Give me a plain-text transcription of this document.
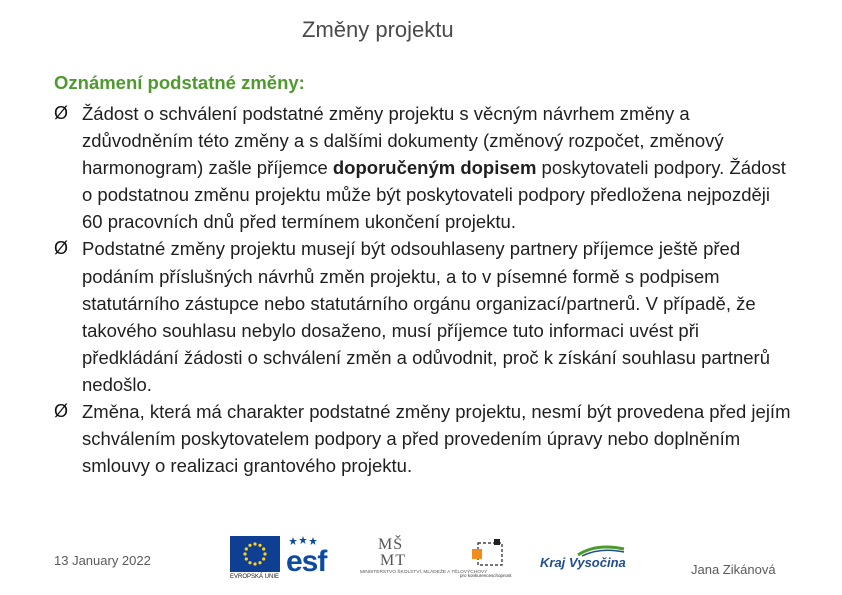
Změny projektu
Oznámení podstatné změny:
Ø Žádost o schválení podstatné změny projektu s věcným návrhem změny a zdůvodněním této změny a s dalšími dokumenty (změnový rozpočet, změnový harmonogram) zašle příjemce doporučeným dopisem poskytovateli podpory. Žádost o podstatnou změnu projektu může být poskytovateli podpory předložena nejpozději 60 pracovních dnů před termínem ukončení projektu.
Ø Podstatné změny projektu musejí být odsouhlaseny partnery příjemce ještě před podáním příslušných návrhů změn projektu, a to v písemné formě s podpisem statutárního zástupce nebo statutárního orgánu organizací/partnerů. V případě, že takového souhlasu nebylo dosaženo, musí příjemce tuto informaci uvést při předkládání žádosti o schválení změn a odůvodnit, proč k získání souhlasu partnerů nedošlo.
Ø Změna, která má charakter podstatné změny projektu, nesmí být provedena před jejím schválením poskytovatelem podpory a před provedením úpravy nebo doplněním smlouvy o realizaci grantového projektu.
13 January 2022
Jana Zikánová
EVROPSKÁ UNIE esf
MŠ
MT
MINISTERSTVO ŠKOLSTVÍ, MLÁDEŽE A TĚLOVÝCHOVY
pro konkurenceschopnost
Kraj Vysočina
